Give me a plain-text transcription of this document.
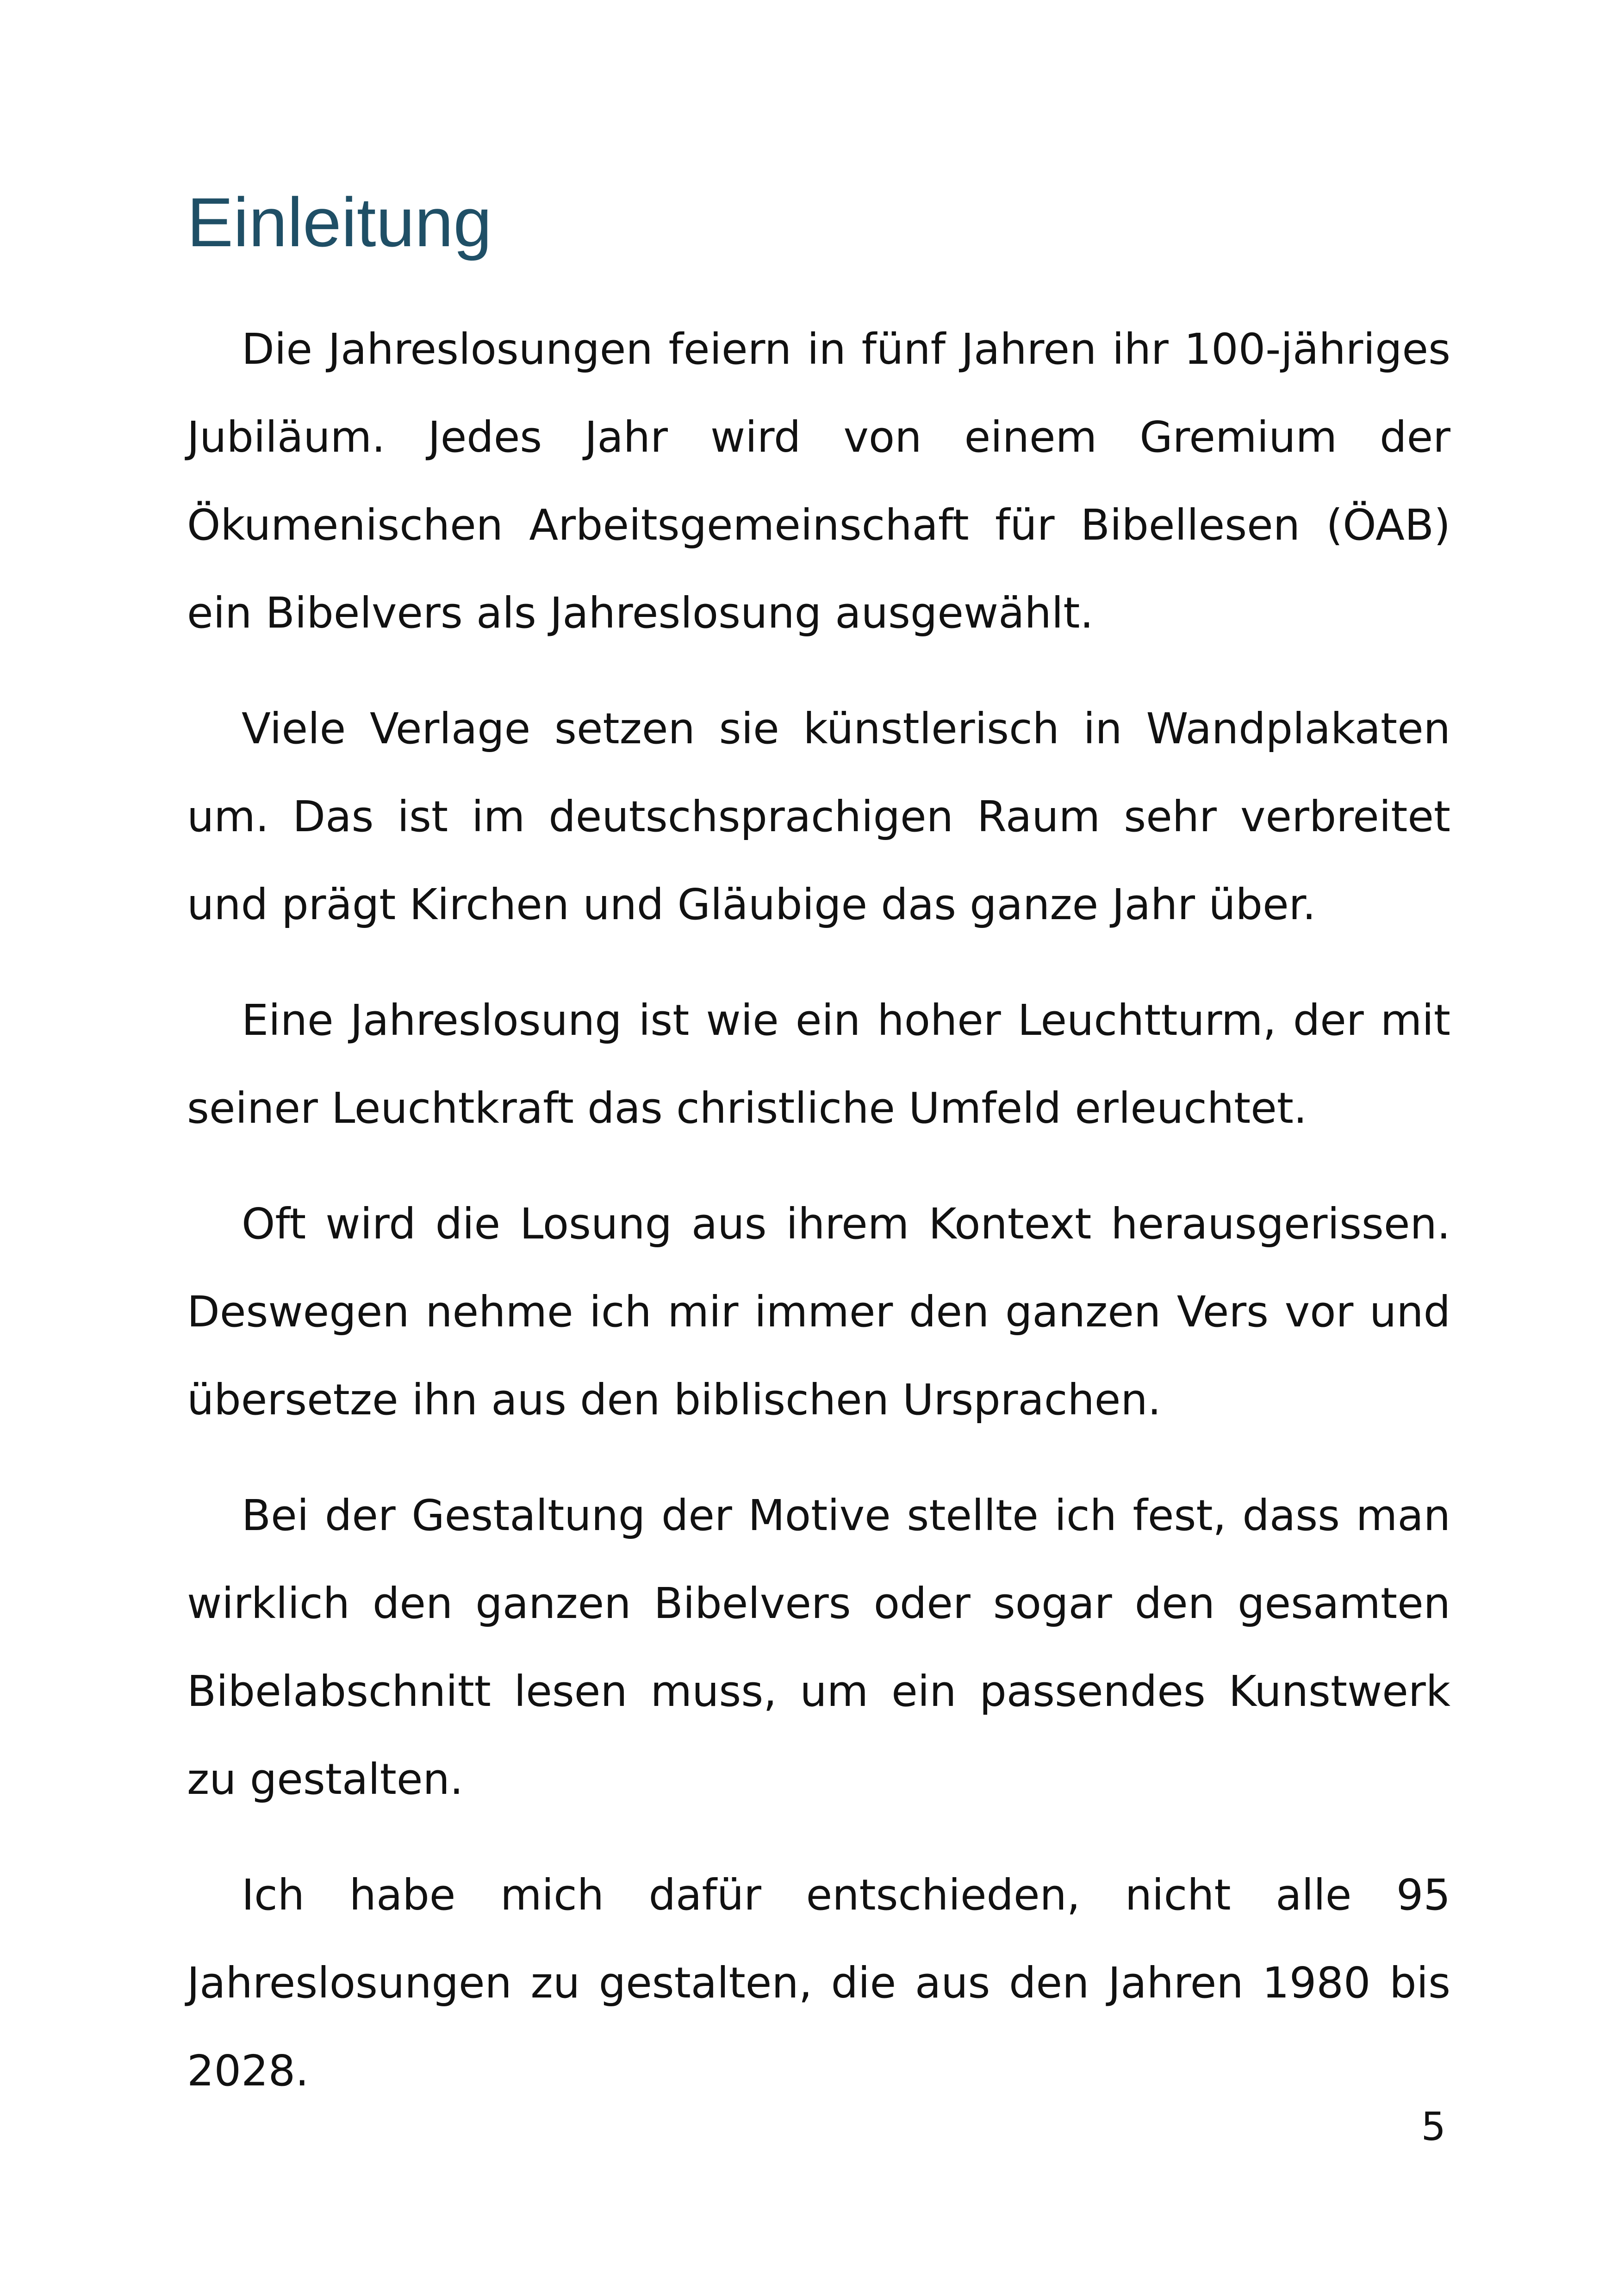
Einleitung

Die Jahreslosungen feiern in fünf Jahren ihr 100-jähriges Jubiläum. Jedes Jahr wird von einem Gremium der Ökumenischen Arbeitsgemeinschaft für Bibellesen (ÖAB) ein Bibelvers als Jahreslosung ausgewählt.

Viele Verlage setzen sie künstlerisch in Wandplakaten um. Das ist im deutschsprachigen Raum sehr verbreitet und prägt Kirchen und Gläubige das ganze Jahr über.

Eine Jahreslosung ist wie ein hoher Leuchtturm, der mit seiner Leuchtkraft das christliche Umfeld erleuchtet.

Oft wird die Losung aus ihrem Kontext herausgerissen. Deswegen nehme ich mir immer den ganzen Vers vor und übersetze ihn aus den biblischen Ursprachen.

Bei der Gestaltung der Motive stellte ich fest, dass man wirklich den ganzen Bibelvers oder sogar den gesamten Bibelabschnitt lesen muss, um ein passendes Kunstwerk zu gestalten.

Ich habe mich dafür entschieden, nicht alle 95 Jahreslosungen zu gestalten, die aus den Jahren 1980 bis 2028.

5
